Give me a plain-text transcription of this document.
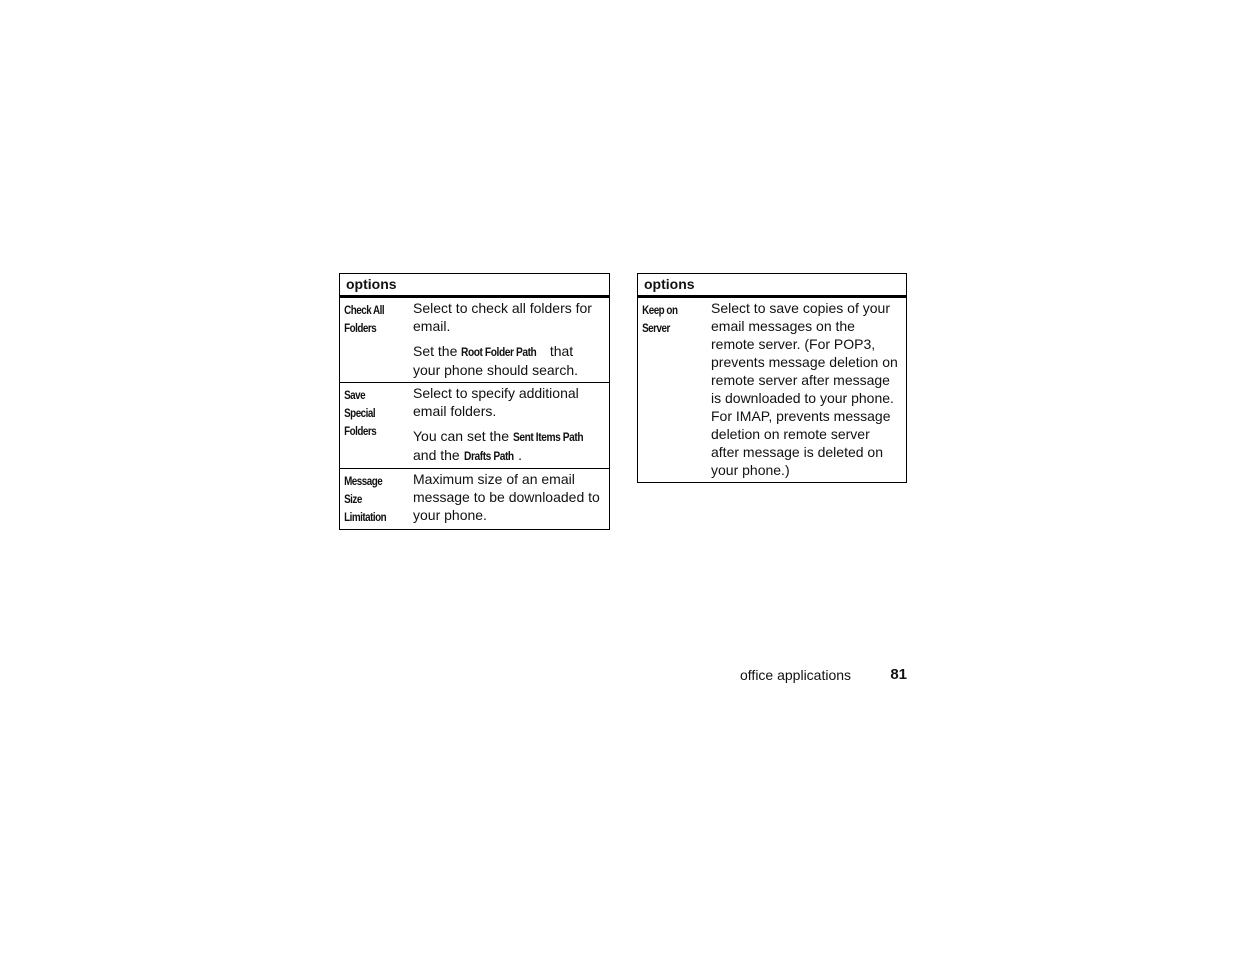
options
Check All
Folders

Select to check all folders for email.

Set the Root Folder Path that your phone should search.

Save
Special
Folders

Select to specify additional email folders.

You can set the Sent Items Path and the Drafts Path .

Message
Size
Limitation

Maximum size of an email message to be downloaded to your phone.

options
Keep on
Server

Select to save copies of your email messages on the remote server. (For POP3, prevents message deletion on remote server after message is downloaded to your phone. For IMAP, prevents message deletion on remote server after message is deleted on your phone.)

office applications	81
